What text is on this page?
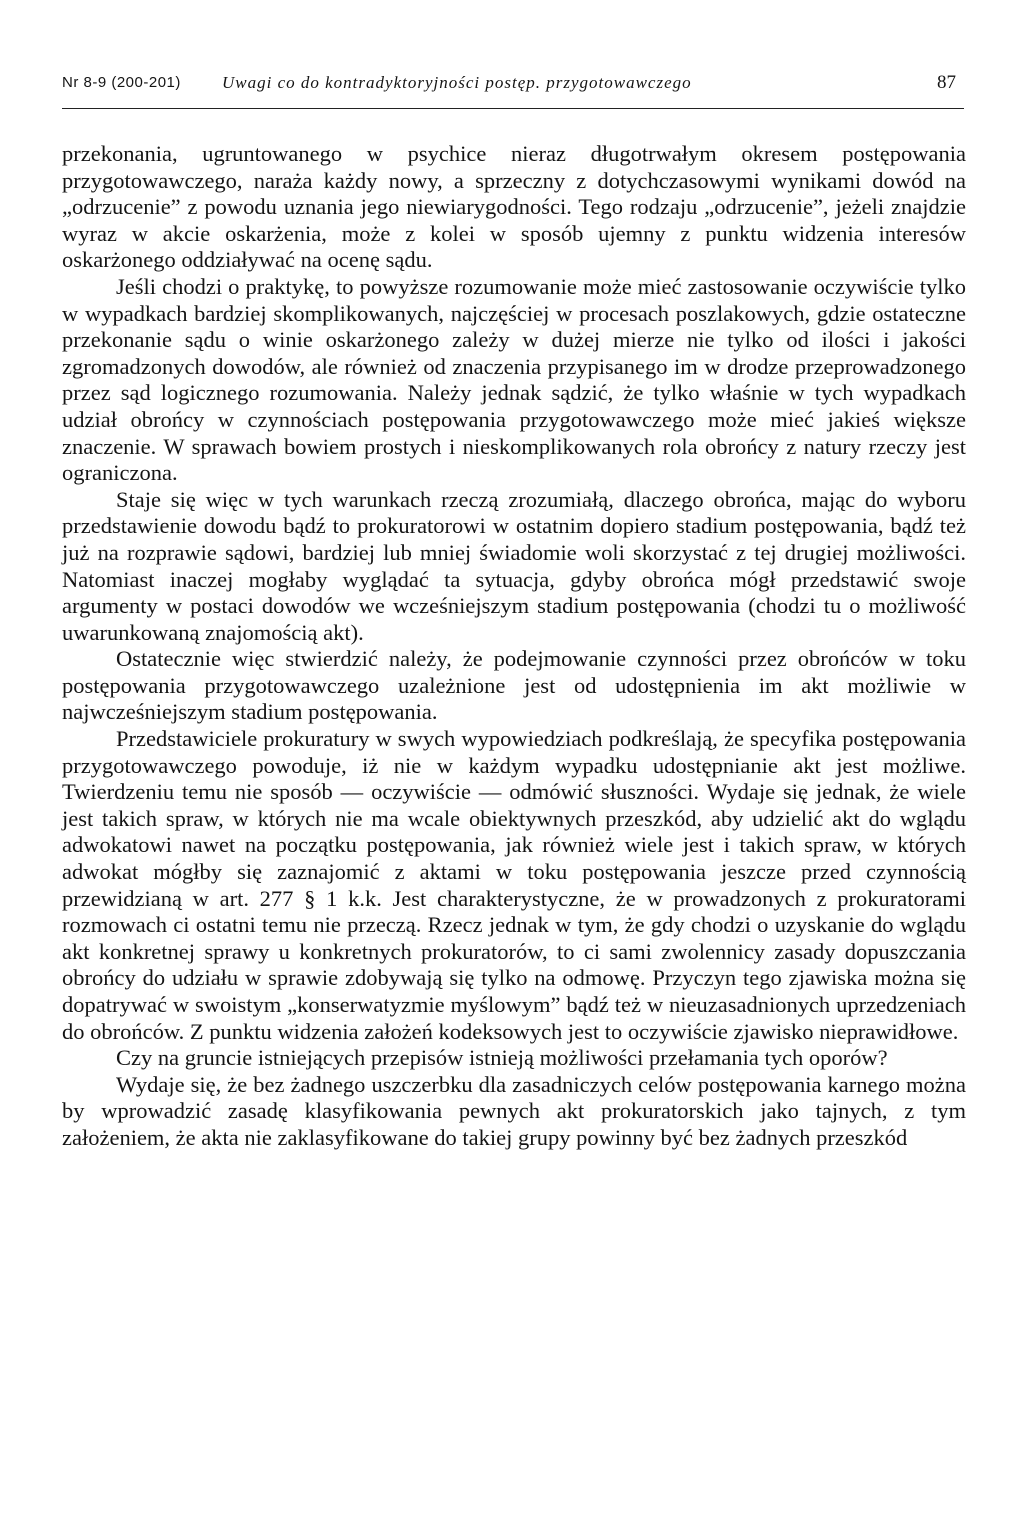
Nr 8-9 (200-201) Uwagi co do kontradyktoryjności postęp. przygotowawczego	87

przekonania, ugruntowanego w psychice nieraz długotrwałym okresem postępowania przygotowawczego, naraża każdy nowy, a sprzeczny z dotychczasowymi wynikami dowód na „odrzucenie” z powodu uznania jego niewiarygodności. Tego rodzaju „odrzucenie”, jeżeli znajdzie wyraz w akcie oskarżenia, może z kolei w sposób ujemny z punktu widzenia interesów oskarżonego oddziaływać na ocenę sądu.

Jeśli chodzi o praktykę, to powyższe rozumowanie może mieć zastosowanie oczywiście tylko w wypadkach bardziej skomplikowanych, najczęściej w procesach poszlakowych, gdzie ostateczne przekonanie sądu o winie oskarżonego zależy w dużej mierze nie tylko od ilości i jakości zgromadzonych dowodów, ale również od znaczenia przypisanego im w drodze przeprowadzonego przez sąd logicznego rozumowania. Należy jednak sądzić, że tylko właśnie w tych wypadkach udział obrońcy w czynnościach postępowania przygotowawczego może mieć jakieś większe znaczenie. W sprawach bowiem prostych i nieskomplikowanych rola obrońcy z natury rzeczy jest ograniczona.

Staje się więc w tych warunkach rzeczą zrozumiałą, dlaczego obrońca, mając do wyboru przedstawienie dowodu bądź to prokuratorowi w ostatnim dopiero stadium postępowania, bądź też już na rozprawie sądowi, bardziej lub mniej świadomie woli skorzystać z tej drugiej możliwości. Natomiast inaczej mogłaby wyglądać ta sytuacja, gdyby obrońca mógł przedstawić swoje argumenty w postaci dowodów we wcześniejszym stadium postępowania (chodzi tu o możliwość uwarunkowaną znajomością akt).

Ostatecznie więc stwierdzić należy, że podejmowanie czynności przez obrońców w toku postępowania przygotowawczego uzależnione jest od udostępnienia im akt możliwie w najwcześniejszym stadium postępowania.

Przedstawiciele prokuratury w swych wypowiedziach podkreślają, że specyfika postępowania przygotowawczego powoduje, iż nie w każdym wypadku udostępnianie akt jest możliwe. Twierdzeniu temu nie sposób — oczywiście — odmówić słuszności. Wydaje się jednak, że wiele jest takich spraw, w których nie ma wcale obiektywnych przeszkód, aby udzielić akt do wglądu adwokatowi nawet na początku postępowania, jak również wiele jest i takich spraw, w których adwokat mógłby się zaznajomić z aktami w toku postępowania jeszcze przed czynnością przewidzianą w art. 277 § 1 k.k. Jest charakterystyczne, że w prowadzonych z prokuratorami rozmowach ci ostatni temu nie przeczą. Rzecz jednak w tym, że gdy chodzi o uzyskanie do wglądu akt konkretnej sprawy u konkretnych prokuratorów, to ci sami zwolennicy zasady dopuszczania obrońcy do udziału w sprawie zdobywają się tylko na odmowę. Przyczyn tego zjawiska można się dopatrywać w swoistym „konserwatyzmie myślowym” bądź też w nieuzasadnionych uprzedzeniach do obrońców. Z punktu widzenia założeń kodeksowych jest to oczywiście zjawisko nieprawidłowe.

Czy na gruncie istniejących przepisów istnieją możliwości przełamania tych oporów?

Wydaje się, że bez żadnego uszczerbku dla zasadniczych celów postępowania karnego można by wprowadzić zasadę klasyfikowania pewnych akt prokuratorskich jako tajnych, z tym założeniem, że akta nie zaklasyfikowane do takiej grupy powinny być bez żadnych przeszkód
